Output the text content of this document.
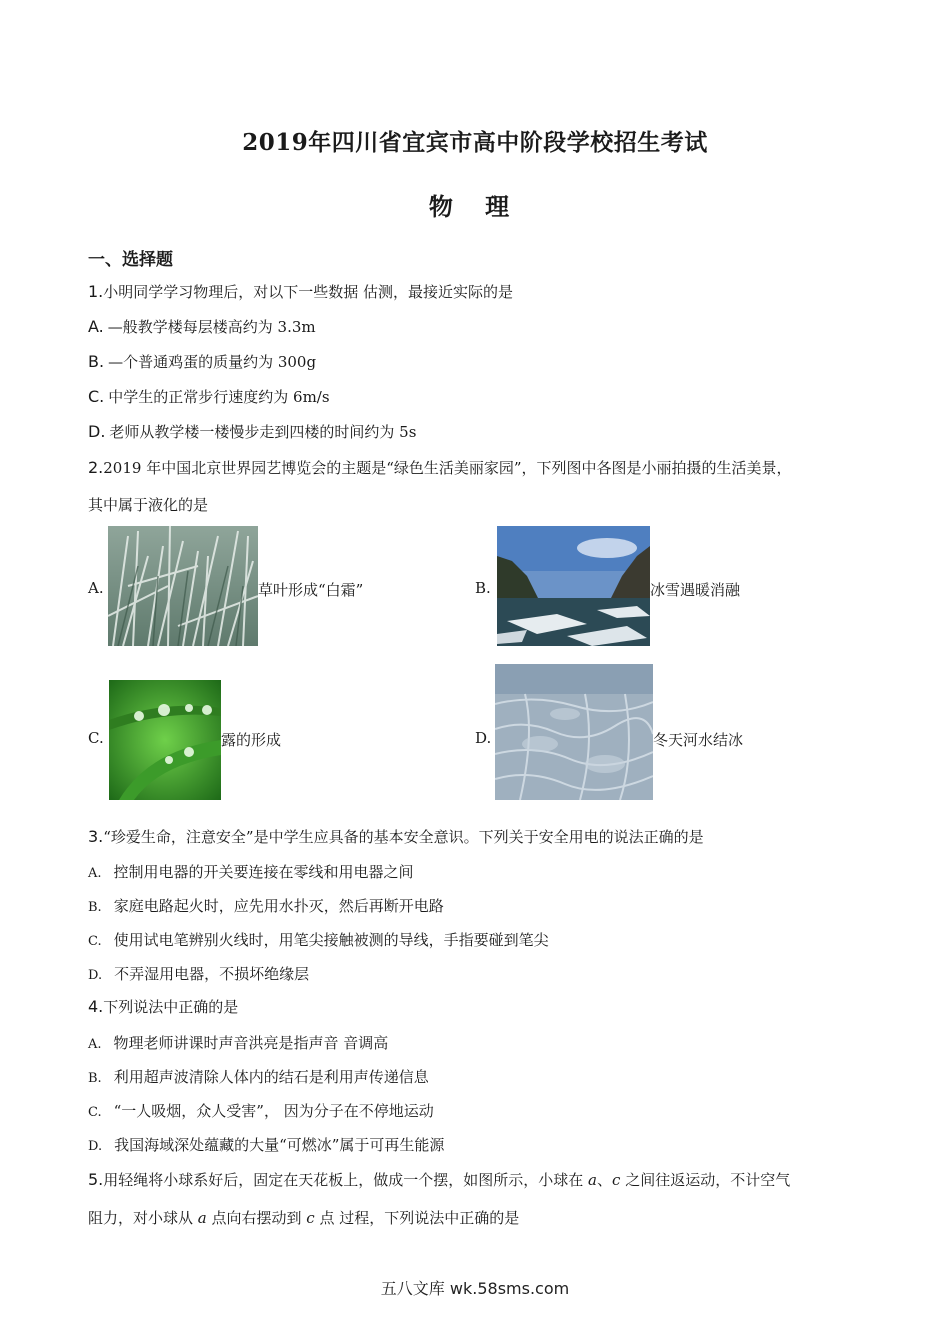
2019年四川省宜宾市高中阶段学校招生考试
物 理
一、选择题
1.小明同学学习物理后，对以下一些数据 估测，最接近实际的是
A. —般教学楼每层楼高约为 3.3m
B. —个普通鸡蛋的质量约为 300g
C. 中学生的正常步行速度约为 6m/s
D. 老师从教学楼一楼慢步走到四楼的时间约为 5s
2.2019 年中国北京世界园艺博览会的主题是“绿色生活美丽家园”，下列图中各图是小丽拍摄的生活美景，
其中属于液化的是
A.	草叶形成“白霜”	B.	冰雪遇暖消融
C.	露的形成	D.	冬天河水结冰
3.“珍爱生命，注意安全”是中学生应具备的基本安全意识。下列关于安全用电的说法正确的是
A. 控制用电器的开关要连接在零线和用电器之间
B. 家庭电路起火时，应先用水扑灭，然后再断开电路
C. 使用试电笔辨别火线时，用笔尖接触被测的导线，手指要碰到笔尖
D. 不弄湿用电器，不损坏绝缘层
4.下列说法中正确的是
A. 物理老师讲课时声音洪亮是指声音 音调高
B. 利用超声波清除人体内的结石是利用声传递信息
C. “一人吸烟，众人受害”， 因为分子在不停地运动
D. 我国海域深处蕴藏的大量“可燃冰”属于可再生能源
5.用轻绳将小球系好后，固定在天花板上，做成一个摆，如图所示，小球在 a、c 之间往返运动，不计空气
阻力，对小球从 a 点向右摆动到 c 点 过程，下列说法中正确的是
五八文库 wk.58sms.com
